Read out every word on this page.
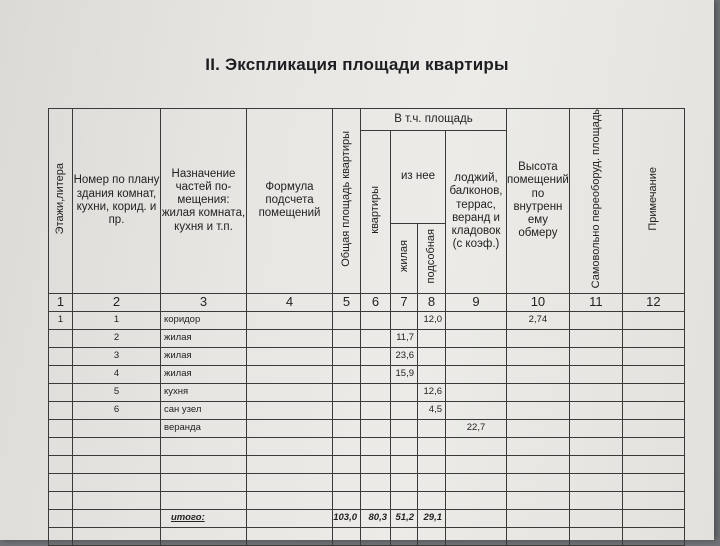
II. Экспликация площади квартиры
Этажи,литера	Номер по плану здания комнат, кухни, корид. и пр.	Назначение частей по-мещения: жилая комната, кухня и т.п.	Формула подсчета помещений	Общая площадь квартиры	В т.ч. площадь				Высота помещений по внутренн ему обмеру	Самовольно переоборуд. площадь	Примечание
					квартиры	из нее		лоджий, балконов, террас, веранд и кладовок (с коэф.)			
						жилая	подсобная				
1	2	3	4	5	6	7	8	9	10	11	12
1	1	коридор					12,0		2,74		
	2	жилая				11,7					
	3	жилая				23,6					
	4	жилая				15,9					
	5	кухня					12,6				
	6	сан узел					4,5				
		веранда						22,7			

		итого:		103,0	80,3	51,2	29,1				
